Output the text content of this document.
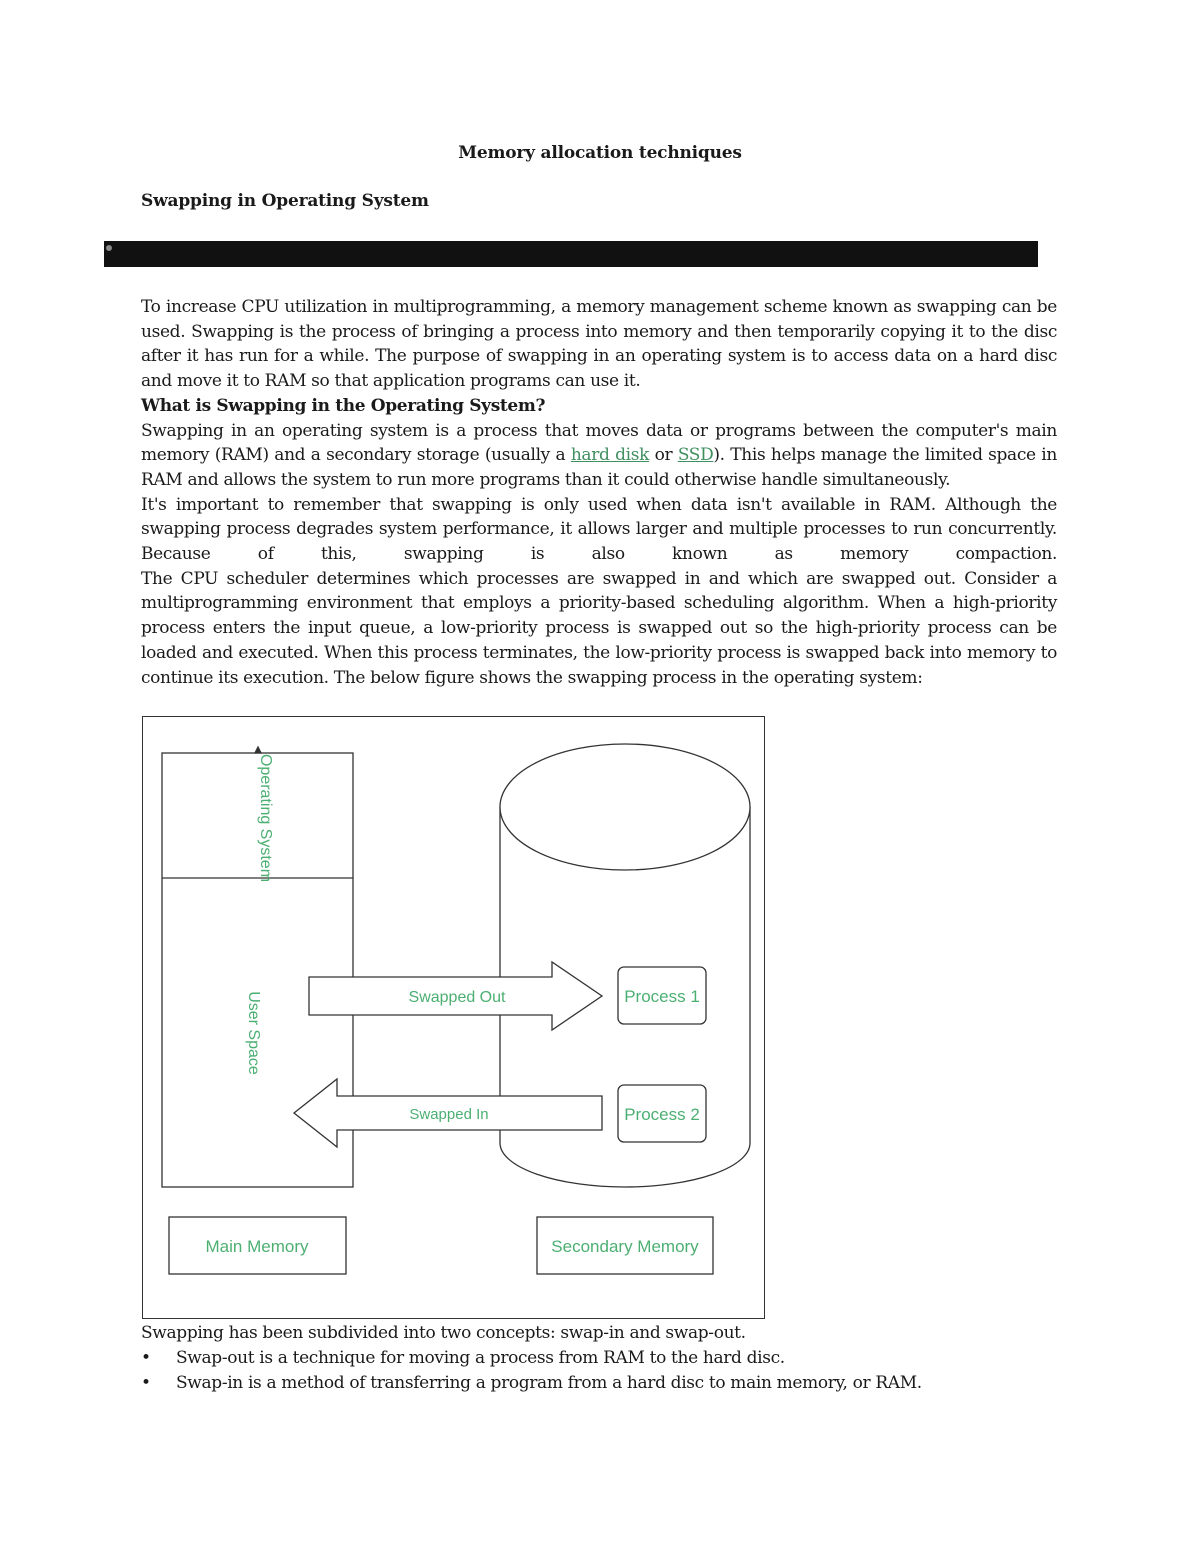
Memory allocation techniques
Swapping in Operating System

To increase CPU utilization in multiprogramming, a memory management scheme known as swapping can be used. Swapping is the process of bringing a process into memory and then temporarily copying it to the disc after it has run for a while. The purpose of swapping in an operating system is to access data on a hard disc and move it to RAM so that application programs can use it.

What is Swapping in the Operating System?

Swapping in an operating system is a process that moves data or programs between the computer's main memory (RAM) and a secondary storage (usually a hard disk or SSD). This helps manage the limited space in RAM and allows the system to run more programs than it could otherwise handle simultaneously.

It's important to remember that swapping is only used when data isn't available in RAM. Although the swapping process degrades system performance, it allows larger and multiple processes to run concurrently. Because of this, swapping is also known as memory compaction.

The CPU scheduler determines which processes are swapped in and which are swapped out. Consider a multiprogramming environment that employs a priority-based scheduling algorithm. When a high-priority process enters the input queue, a low-priority process is swapped out so the high-priority process can be loaded and executed. When this process terminates, the low-priority process is swapped back into memory to continue its execution. The below figure shows the swapping process in the operating system:

Operating System
User Space	Swapped Out
Swapped In
Process 1
Process 2
Main Memory	Secondary Memory

Swapping has been subdivided into two concepts: swap-in and swap-out.

• Swap-out is a technique for moving a process from RAM to the hard disc.
• Swap-in is a method of transferring a program from a hard disc to main memory, or RAM.
